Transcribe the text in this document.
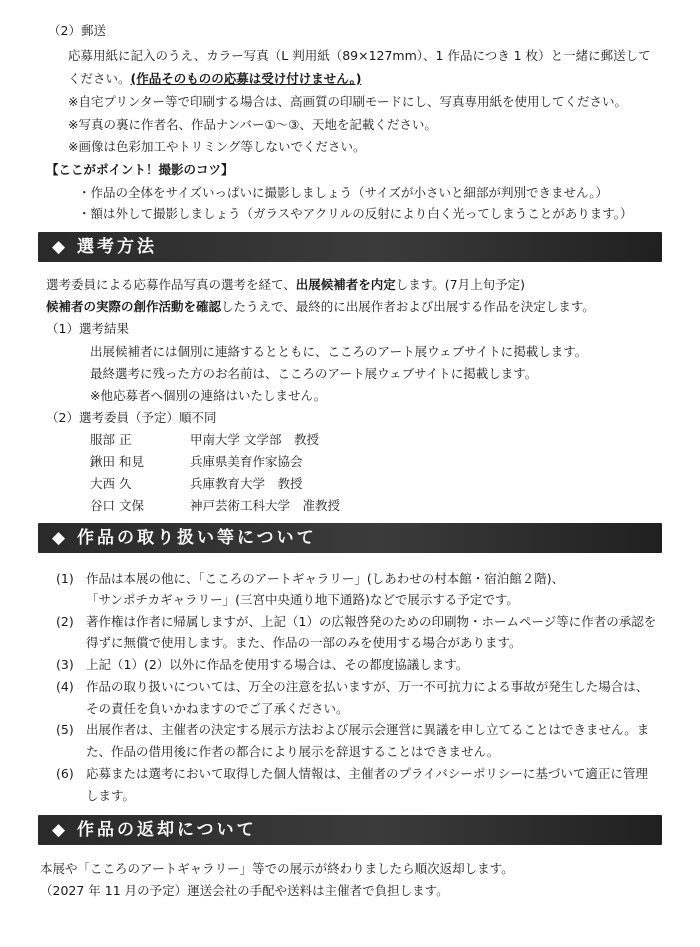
（2）郵送
応募用紙に記入のうえ、カラー写真（L 判用紙（89×127mm）、1 作品につき 1 枚）と一緒に郵送して
ください。(作品そのものの応募は受け付けません。)
※自宅プリンター等で印刷する場合は、高画質の印刷モードにし、写真専用紙を使用してください。
※写真の裏に作者名、作品ナンバー①～③、天地を記載ください。
※画像は色彩加工やトリミング等しないでください。
【ここがポイント！撮影のコツ】
・作品の全体をサイズいっぱいに撮影しましょう（サイズが小さいと細部が判別できません。）
・額は外して撮影しましょう（ガラスやアクリルの反射により白く光ってしまうことがあります。）
◆ 選考方法
選考委員による応募作品写真の選考を経て、出展候補者を内定します。(7月上旬予定)
候補者の実際の創作活動を確認したうえで、最終的に出展作者および出展する作品を決定します。
（1）選考結果
出展候補者には個別に連絡するとともに、こころのアート展ウェブサイトに掲載します。
最終選考に残った方のお名前は、こころのアート展ウェブサイトに掲載します。
※他応募者へ個別の連絡はいたしません。
（2）選考委員（予定）順不同
服部 正	甲南大学 文学部　教授
鍬田 和見	兵庫県美育作家協会
大西 久	兵庫教育大学　教授
谷口 文保	神戸芸術工科大学　准教授
◆ 作品の取り扱い等について
(1) 作品は本展の他に、「こころのアートギャラリー」(しあわせの村本館・宿泊館２階)、
「サンポチカギャラリー」(三宮中央通り地下通路)などで展示する予定です。
(2) 著作権は作者に帰属しますが、上記（1）の広報啓発のための印刷物・ホームページ等に作者の承認を
得ずに無償で使用します。また、作品の一部のみを使用する場合があります。
(3) 上記（1）(2）以外に作品を使用する場合は、その都度協議します。
(4) 作品の取り扱いについては、万全の注意を払いますが、万一不可抗力による事故が発生した場合は、
その責任を負いかねますのでご了承ください。
(5) 出展作者は、主催者の決定する展示方法および展示会運営に異議を申し立てることはできません。ま
た、作品の借用後に作者の都合により展示を辞退することはできません。
(6) 応募または選考において取得した個人情報は、主催者のプライバシーポリシーに基づいて適正に管理
します。
◆ 作品の返却について
本展や「こころのアートギャラリー」等での展示が終わりましたら順次返却します。
（2027 年 11 月の予定）運送会社の手配や送料は主催者で負担します。
